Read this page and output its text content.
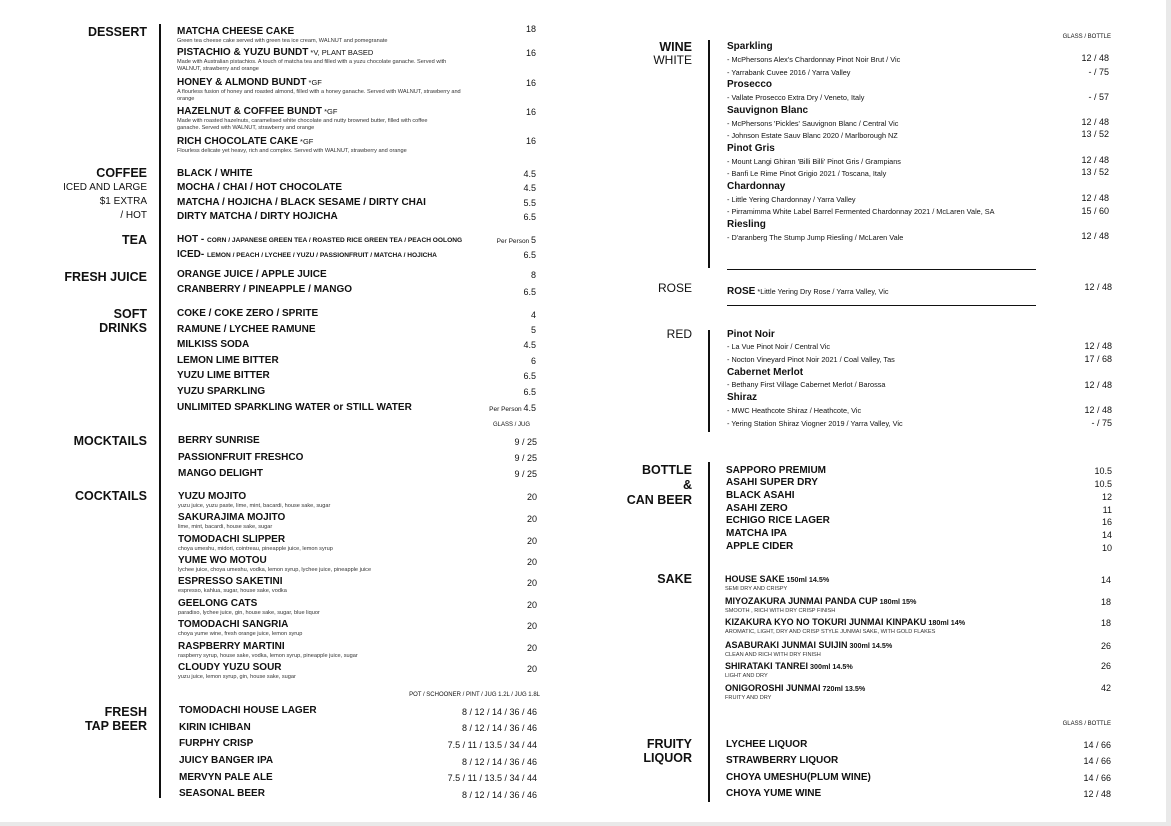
DESSERT	MATCHA CHEESE CAKE
Green tea cheese cake served with green tea ice cream, WALNUT and pomegranate
18
PISTACHIO & YUZU BUNDT *V, PLANT BASED
Made with Australian pistachios. A touch of matcha tea and filled with a yuzu chocolate ganache. Served with WALNUT, strawberry and orange
16
HONEY & ALMOND BUNDT *GF
A flourless fusion of honey and roasted almond, filled with a honey ganache. Served with WALNUT, strawberry and orange
16
HAZELNUT & COFFEE BUNDT *GF
Made with roasted hazelnuts, caramelised white chocolate and nutty browned butter, filled with coffee ganache. Served with WALNUT, strawberry and orange
16
RICH CHOCOLATE CAKE *GF
Flourless delicate yet heavy, rich and complex. Served with WALNUT, strawberry and orange
16
COFFEE
ICED AND LARGE
$1 EXTRA
/ HOT
BLACK / WHITE	4.5
MOCHA / CHAI / HOT CHOCOLATE	4.5
MATCHA / HOJICHA / BLACK SESAME / DIRTY CHAI	5.5
DIRTY MATCHA / DIRTY HOJICHA	6.5
TEA	HOT - CORN / JAPANESE GREEN TEA / ROASTED RICE GREEN TEA / PEACH OOLONG	Per Person 5
ICED- LEMON / PEACH / LYCHEE / YUZU / PASSIONFRUIT / MATCHA / HOJICHA	6.5
FRESH JUICE	ORANGE JUICE / APPLE JUICE	8
CRANBERRY / PINEAPPLE / MANGO	6.5
SOFT
DRINKS
COKE / COKE ZERO / SPRITE	4
RAMUNE / LYCHEE RAMUNE	5
MILKISS SODA	4.5
LEMON LIME BITTER	6
YUZU LIME BITTER	6.5
YUZU SPARKLING	6.5
UNLIMITED SPARKLING WATER or STILL WATER	Per Person 4.5
GLASS / JUG
MOCKTAILS	BERRY SUNRISE	9 / 25
PASSIONFRUIT FRESHCO	9 / 25
MANGO DELIGHT	9 / 25
COCKTAILS	YUZU MOJITO
yuzu juice, yuzu paste, lime, mint, bacardi, house sake, sugar
20
SAKURAJIMA MOJITO
lime, mint, bacardi, house sake, sugar
20
TOMODACHI SLIPPER
choya umeshu, midori, cointreau, pineapple juice, lemon syrup
20
YUME WO MOTOU
lychee juice, choya umeshu, vodka, lemon syrup, lychee juice, pineapple juice
20
ESPRESSO SAKETINI
espresso, kahlua, sugar, house sake, vodka
20
GEELONG CATS
paradiso, lychee juice, gin, house sake, sugar, blue liquor
20
TOMODACHI SANGRIA
choya yume wine, fresh orange juice, lemon syrup
20
RASPBERRY MARTINI
raspberry syrup, house sake, vodka, lemon syrup, pineapple juice, sugar
20
CLOUDY YUZU SOUR
yuzu juice, lemon syrup, gin, house sake, sugar
20
POT / SCHOONER / PINT / JUG 1.2L / JUG 1.8L
FRESH
TAP BEER
TOMODACHI HOUSE LAGER	8 / 12 / 14 / 36 / 46
KIRIN ICHIBAN	8 / 12 / 14 / 36 / 46
FURPHY CRISP	7.5 / 11 / 13.5 / 34 / 44
JUICY BANGER IPA	8 / 12 / 14 / 36 / 46
MERVYN PALE ALE	7.5 / 11 / 13.5 / 34 / 44
SEASONAL BEER	8 / 12 / 14 / 36 / 46
GLASS / BOTTLE
WINE
WHITE
Sparkling
- McPhersons Alex's Chardonnay Pinot Noir Brut / Vic	12 / 48
- Yarrabank Cuvee 2016 / Yarra Valley	- / 75
Prosecco
- Vallate Prosecco Extra Dry / Veneto, Italy	- / 57
Sauvignon Blanc
- McPhersons 'Pickles' Sauvignon Blanc / Central Vic	12 / 48
- Johnson Estate Sauv Blanc 2020 / Marlborough NZ	13 / 52
Pinot Gris
- Mount Langi Ghiran 'Billi Billi' Pinot Gris / Grampians	12 / 48
- Banfi Le Rime Pinot Grigio 2021 / Toscana, Italy	13 / 52
Chardonnay
- Little Yering Chardonnay / Yarra Valley	12 / 48
- Pirramimma White Label Barrel Fermented Chardonnay 2021 / McLaren Vale, SA	15 / 60
Riesling
- D'aranberg The Stump Jump Riesling / McLaren Vale	12 / 48
ROSE	ROSE *Little Yering Dry Rose / Yarra Valley, Vic	12 / 48
RED	Pinot Noir
- La Vue Pinot Noir / Central Vic	12 / 48
- Nocton Vineyard Pinot Noir 2021 / Coal Valley, Tas	17 / 68
Cabernet Merlot
- Bethany First Village Cabernet Merlot / Barossa	12 / 48
Shiraz
- MWC Heathcote Shiraz / Heathcote, Vic	12 / 48
- Yering Station Shiraz Viogner 2019 / Yarra Valley, Vic	- / 75
BOTTLE
&
CAN BEER
SAPPORO PREMIUM	10.5
ASAHI SUPER DRY	10.5
BLACK ASAHI	12
ASAHI ZERO	11
ECHIGO RICE LAGER	16
MATCHA IPA	14
APPLE CIDER	10
SAKE	HOUSE SAKE 150ml 14.5%
SEMI DRY AND CRISPY
14
MIYOZAKURA JUNMAI PANDA CUP 180ml 15%
SMOOTH , RICH WITH DRY CRISP FINISH
18
KIZAKURA KYO NO TOKURI JUNMAI KINPAKU 180ml 14%
AROMATIC, LIGHT, DRY AND CRISP STYLE JUNMAI SAKE, WITH GOLD FLAKES
18
ASABURAKI JUNMAI SUIJIN 300ml 14.5%
CLEAN AND RICH WITH DRY FINISH
26
SHIRATAKI TANREI 300ml 14.5%
LIGHT AND DRY
26
ONIGOROSHI JUNMAI 720ml 13.5%
FRUITY AND DRY
42
GLASS / BOTTLE
FRUITY
LIQUOR
LYCHEE LIQUOR	14 / 66
STRAWBERRY LIQUOR	14 / 66
CHOYA UMESHU(PLUM WINE)	14 / 66
CHOYA YUME WINE	12 / 48
